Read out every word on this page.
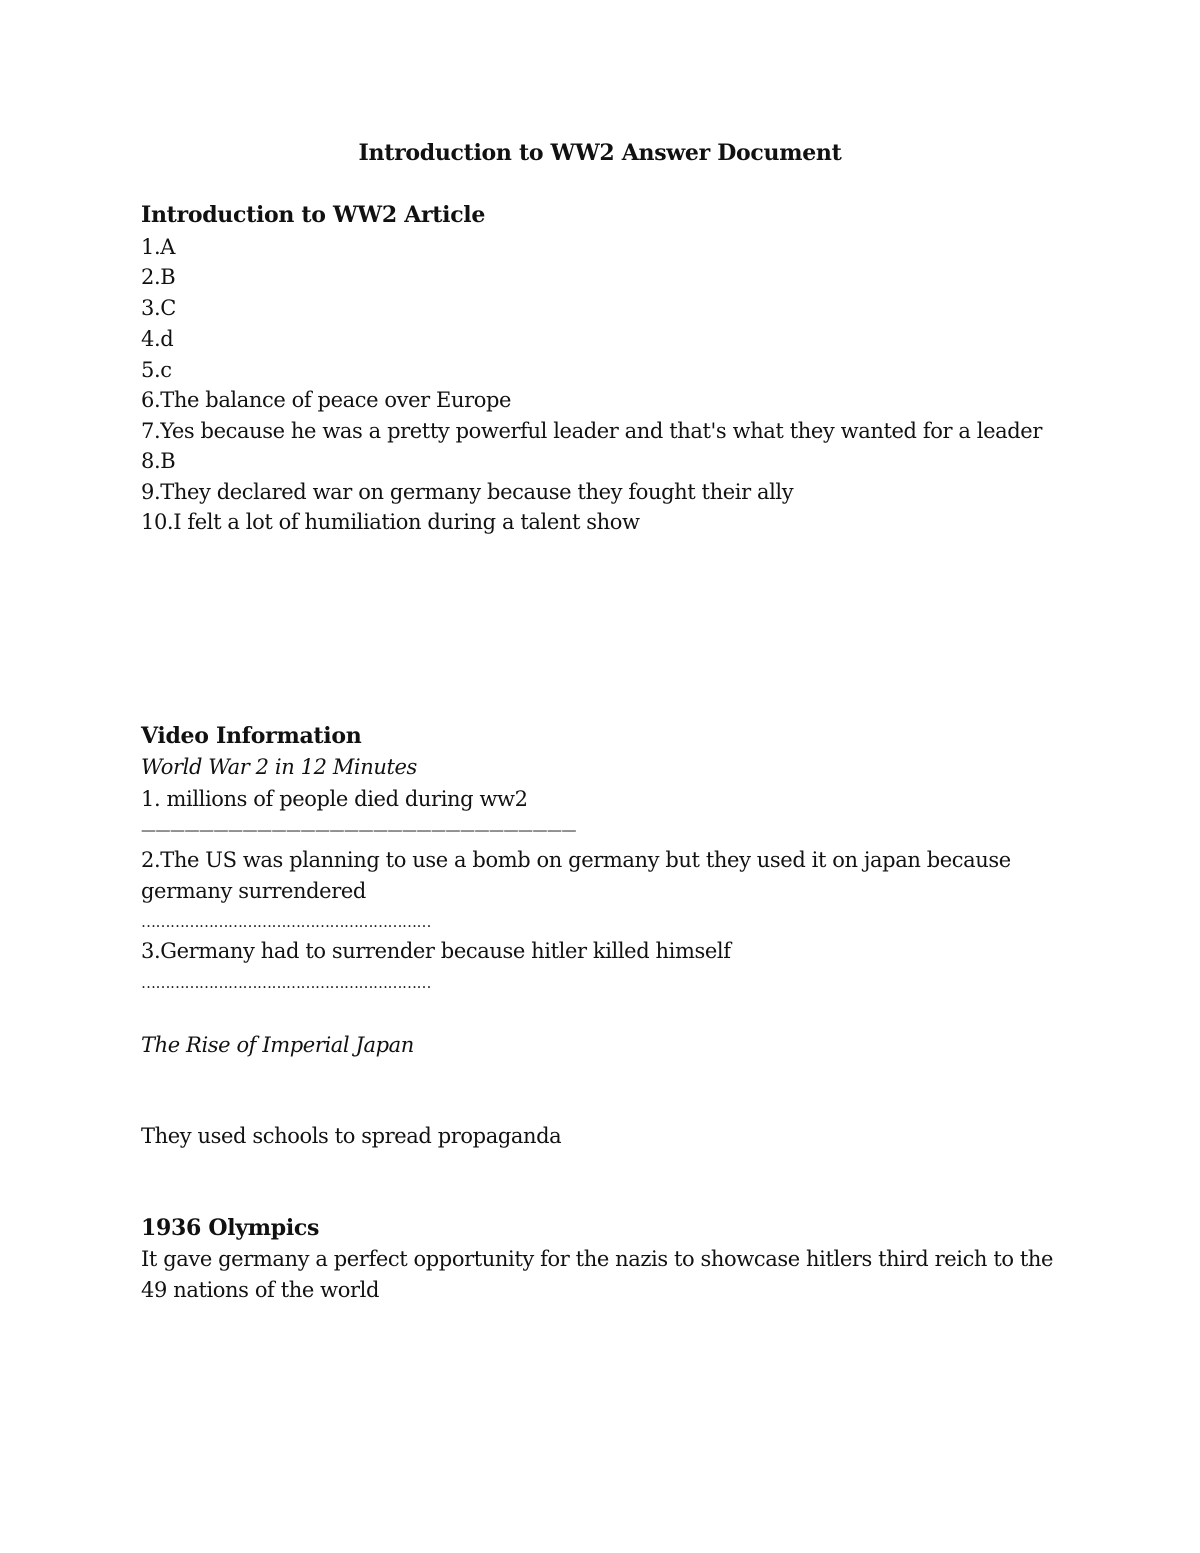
Introduction to WW2 Answer Document
Introduction to WW2 Article
1.A
2.B
3.C
4.d
5.c
6.The balance of peace over Europe
7.Yes because he was a pretty powerful leader and that's what they wanted for a leader
8.B
9.They declared war on germany because they fought their ally
10.I felt a lot of humiliation during a talent show
Video Information
World War 2 in 12 Minutes
1. millions of people died during ww2
——————————————————————————————
2.The US was planning to use a bomb on germany but they used it on japan because
germany surrendered
……………………………………………………
3.Germany had to surrender because hitler killed himself
……………………………………………………
The Rise of Imperial Japan
They used schools to spread propaganda
1936 Olympics
It gave germany a perfect opportunity for the nazis to showcase hitlers third reich to the
49 nations of the world
